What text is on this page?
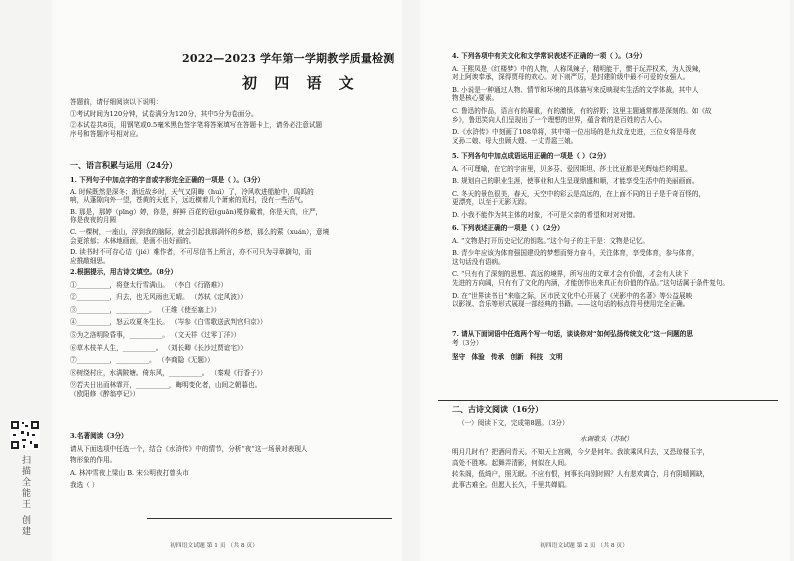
2022—2023 学年第一学期教学质量检测
初 四 语 文
答题前，请仔细阅读以下说明：
①考试时间为120分钟，试卷满分为120分，其中5分为卷面分。
②本试卷共8页，用钢笔或0.5毫米黑色签字笔将答案填写在答题卡上，请务必注意试题
序号和答题序号相对应。
一、语言积累与运用（24分）
1. 下列句子中加点字的字音或字形完全正确的一项是（ ）。（3分）
A. 时候既然是深冬；渐近故乡时，天气又阴晦（huì）了，冷风吹进船舱中，呜呜的
响，从蓬隙向外一望，苍黄的天底下，远近横着几个萧索的荒村，没有一些活气。
B. 那是，那婷（pīng）婷，你是，鲜鲜 百花的冠(guān)冕你戴着，你是天真，庄严，
你是夜夜的月圆
C. 一棵树，一座山，浮到我的脑际，就会引起我那满怀的乡愁，那么的萦（xuán），意境
会更浓郁；木林地画面，是画不出好画的。
D. 读书时不可存心诘（jié）难作者，不可尽信书上所言，亦不可只为寻章摘句，而
应推敲细思。
2.根据提示，用古诗文填空。（8分）
①__________，将登太行雪满山。 （李白《行路难》）
②__________，归去，也无风雨也无晴。 （苏轼《定风波》）
③__________，__________。 （王维《使至塞上》）
④__________，怒云攻夏冬生长。 （岑参《白雪歌送武判官归京》）
⑤为之洛明险昏事，__________。 （文天祥《过零丁洋》）
⑥草木枝羊人生，__________。 （刘长卿《长沙过贾谊宅》）
⑦__________，__________。 （李商隐《无题》）
⑧树绕村庄，水满陂塘。倚东风，__________。 （秦观《行香子》）
⑨若夫日出而林霏开，__________，晦明变化者，山间之朝暮也。
（欧阳修《醉翁亭记》）
3.名著阅读（3分）
请从下面选项中任选一个，结合《水浒传》中的情节，分析“夜”这一场景对表现人
物形象的作用。
A. 林冲雪夜上梁山 B. 宋公明夜打曾头市
我选（ ）
初四语文试题 第 1 页 （共 8 页）
4. 下列各项中有关文化和文学常识表述不正确的一项（ ）。（3分）
A. 王熙凤是《红楼梦》中的人物，人称凤辣子，精明能干，惯于玩弄权术，为人泼辣，
对上阿谀奉承，深得贾母的欢心。对下则严厉，是封建阶级中最不可爱的女强人。
B. 小说是一种通过人物、情节和环境的具体描写来反映现实生活的文学体裁，其中人
物是核心要素。
C. 鲁迅的作品，语言有的凝重，有的激愤，有的辞野；这里主题通常都是深刻的。如《故
乡》，鲁迅笑向人们呈现出了一个理想的世界，蕴含着的是百姓的古人心。
D.《水浒传》中刻画了108单将，其中第一位出场的是九纹龙史进，三位女将是母夜
叉孙二娘、母大虫顾大嫂、一丈青扈三娘。
5. 下列各句中加点成语运用正确的一项是（ ）（2分）
A. 不可理喻，在它的宇宙里，贝多芬、爱因斯坦、莎士比亚都是光辉灿烂的明星。
B. 规划自己的职业生涯，使事业和人生呈现鼎盛和顺，才能享受生活中的美丽画面。
C. 冬天的景色很美，春天，天空中的彩云是高远的，在上面不同的日子是千奇百怪的，
更漂亮，以至于无影无踪。
D. 小我不能作为其主体的对象，不可是父亲的希望和对对对错。
6. 下列表述正确的一项是（ ）（2分）
A. “文物是打开历史记忆的钥匙。”这个句子的主干是：文物是记忆。
B. 青少年应该为体育强国建设的梦想而努力奋斗，关注体育，享受体育，参与体育，
这句话没有语病。
C. “只有有了深刻的思想、高远的境界，所写出的文章才会有价值，才会有人读下
先进的方向阔，只有有了文化的内涵，才能创作出来真正有价值的作品。”这句话属于条件复句。
D. 在“世界读书日”来临之际，区市民文化中心开展了《光影中的名著》等公益展映
以影视、音乐等形式展现一部经典的书籍。——这句话的标点符号使用完全正确。
7. 请从下面词语中任选两个写一句话，谈谈你对“如何弘扬传统文化”这一问题的思
考（3分）
坚守 体验 传承 创新 科技 文明
二、古诗文阅读（16分）
（一）阅读下文，完成第8题。（3分）
水调歌头（苏轼）
明月几时有？把酒问青天。不知天上宫阙，今夕是何年。我欲乘风归去，又恐琼楼玉宇，
高处不胜寒。起舞弄清影，何似在人间。
转朱阁，低绮户，照无眠。不应有恨，何事长向别时圆？人有悲欢离合，月有阴晴圆缺，
此事古难全。但愿人长久，千里共婵娟。
初四语文试题 第 2 页 （共 8 页）
扫描全能王 创建
